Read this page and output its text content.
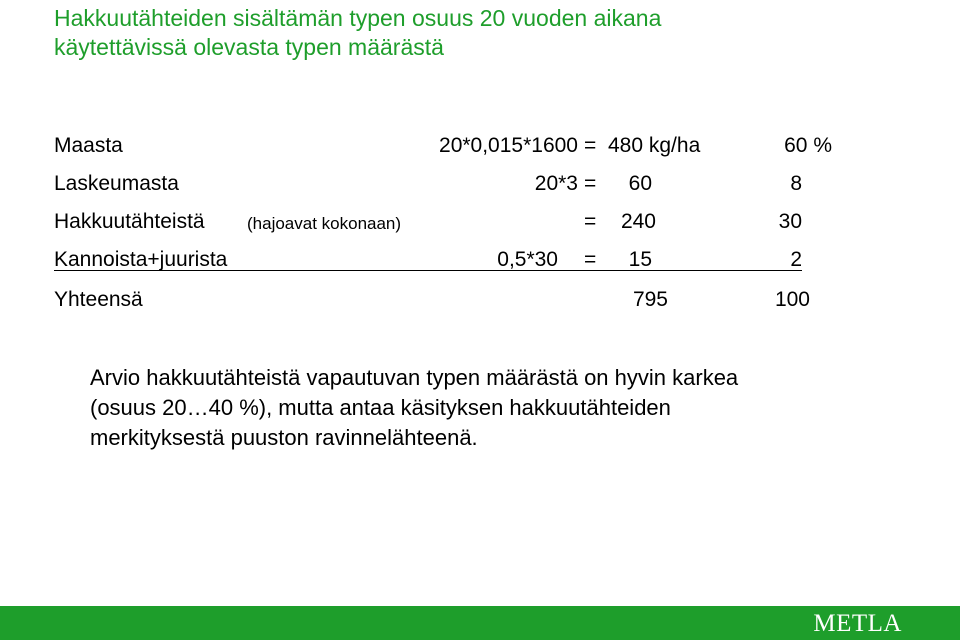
Hakkuutähteiden sisältämän typen osuus 20 vuoden aikana
käytettävissä olevasta typen määrästä
Maasta	20*0,015*1600 = 480 kg/ha	60 %
Laskeumasta	20*3 =	60	8
Hakkuutähteistä (hajoavat kokonaan)	=	240	30
Kannoista+juurista	0,5*30 =	15	2
Yhteensä	795	100

Arvio hakkuutähteistä vapautuvan typen määrästä on hyvin karkea
(osuus 20…40 %), mutta antaa käsityksen hakkuutähteiden
merkityksestä puuston ravinnelähteenä.

METLA
